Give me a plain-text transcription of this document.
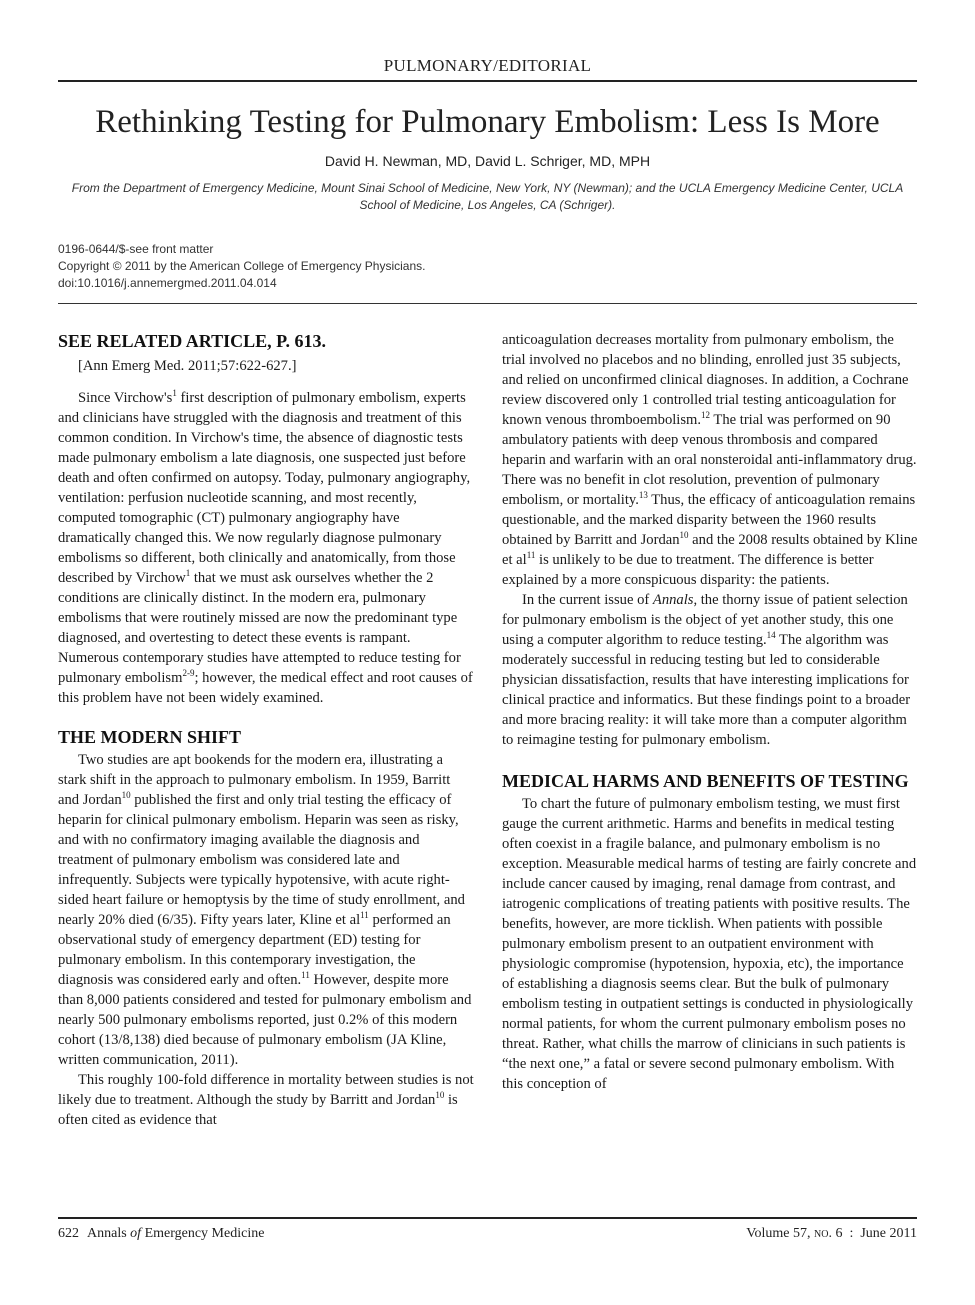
PULMONARY/EDITORIAL
Rethinking Testing for Pulmonary Embolism: Less Is More
David H. Newman, MD, David L. Schriger, MD, MPH
From the Department of Emergency Medicine, Mount Sinai School of Medicine, New York, NY (Newman); and the UCLA Emergency Medicine Center, UCLA School of Medicine, Los Angeles, CA (Schriger).
0196-0644/$-see front matter
Copyright © 2011 by the American College of Emergency Physicians.
doi:10.1016/j.annemergmed.2011.04.014
SEE RELATED ARTICLE, P. 613.

[Ann Emerg Med. 2011;57:622-627.]

Since $Virchow's^1$ first description of pulmonary embolism, experts and clinicians have struggled with the diagnosis and treatment of this common condition. In Virchow's time, the absence of diagnostic tests made pulmonary embolism a late diagnosis, one suspected just before death and often confirmed on autopsy. Today, pulmonary angiography, ventilation: perfusion nucleotide scanning, and most recently, computed tomographic (CT) pulmonary angiography have dramatically changed this. We now regularly diagnose pulmonary embolisms so different, both clinically and anatomically, from those described by Virchow$^1$ that we must ask ourselves whether the 2 conditions are clinically distinct. In the modern era, pulmonary embolisms that were routinely missed are now the predominant type diagnosed, and overtesting to detect these events is rampant. Numerous contemporary studies have attempted to reduce testing for pulmonary embolism$^{2-9}$; however, the medical effect and root causes of this problem have not been widely examined.

THE MODERN SHIFT

Two studies are apt bookends for the modern era, illustrating a stark shift in the approach to pulmonary embolism. In 1959, Barritt and Jordan$^{10}$ published the first and only trial testing the efficacy of heparin for clinical pulmonary embolism. Heparin was seen as risky, and with no confirmatory imaging available the diagnosis and treatment of pulmonary embolism was considered late and infrequently. Subjects were typically hypotensive, with acute right-sided heart failure or hemoptysis by the time of study enrollment, and nearly 20% died (6/35). Fifty years later, Kline et $al^{11}$ performed an observational study of emergency department (ED) testing for pulmonary embolism. In this contemporary investigation, the diagnosis was considered early and often.$^{11}$ However, despite more than 8,000 patients considered and tested for pulmonary embolism and nearly 500 pulmonary embolisms reported, just 0.2% of this modern cohort (13/8,138) died because of pulmonary embolism (JA Kline, written communication, 2011).

This roughly 100-fold difference in mortality between studies is not likely due to treatment. Although the study by Barritt and Jordan$^{10}$ is often cited as evidence that

anticoagulation decreases mortality from pulmonary embolism, the trial involved no placebos and no blinding, enrolled just 35 subjects, and relied on unconfirmed clinical diagnoses. In addition, a Cochrane review discovered only 1 controlled trial testing anticoagulation for known venous thromboembolism.$^{12}$ The trial was performed on 90 ambulatory patients with deep venous thrombosis and compared heparin and warfarin with an oral nonsteroidal anti-inflammatory drug. There was no benefit in clot resolution, prevention of pulmonary embolism, or mortality.$^{13}$ Thus, the efficacy of anticoagulation remains questionable, and the marked disparity between the 1960 results obtained by Barritt and Jordan$^{10}$ and the 2008 results obtained by Kline et $al^{11}$ is unlikely to be due to treatment. The difference is better explained by a more conspicuous disparity: the patients.

In the current issue of Annals, the thorny issue of patient selection for pulmonary embolism is the object of yet another study, this one using a computer algorithm to reduce testing.$^{14}$ The algorithm was moderately successful in reducing testing but led to considerable physician dissatisfaction, results that have interesting implications for clinical practice and informatics. But these findings point to a broader and more bracing reality: it will take more than a computer algorithm to reimagine testing for pulmonary embolism.

MEDICAL HARMS AND BENEFITS OF TESTING

To chart the future of pulmonary embolism testing, we must first gauge the current arithmetic. Harms and benefits in medical testing often coexist in a fragile balance, and pulmonary embolism is no exception. Measurable medical harms of testing are fairly concrete and include cancer caused by imaging, renal damage from contrast, and iatrogenic complications of treating patients with positive results. The benefits, however, are more ticklish. When patients with possible pulmonary embolism present to an outpatient environment with physiologic compromise (hypotension, hypoxia, etc), the importance of establishing a diagnosis seems clear. But the bulk of pulmonary embolism testing in outpatient settings is conducted in physiologically normal patients, for whom the current pulmonary embolism poses no threat. Rather, what chills the marrow of clinicians in such patients is “the next one,” a fatal or severe second pulmonary embolism. With this conception of

622 Annals of Emergency Medicine	Volume 57, no. 6 : June 2011
